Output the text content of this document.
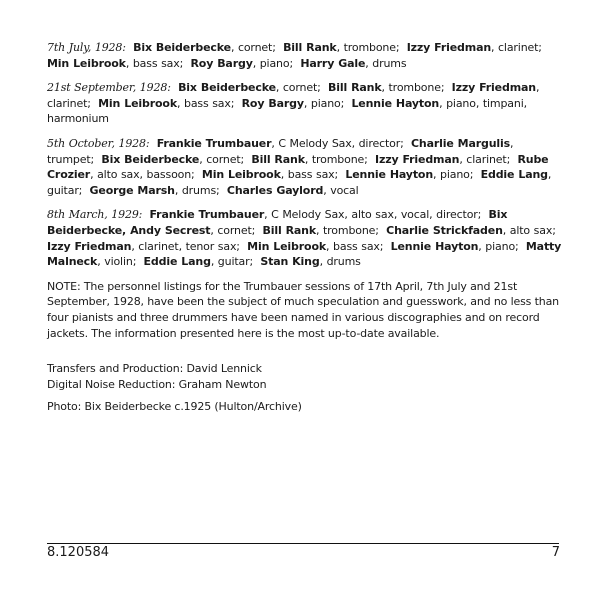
7th July, 1928: Bix Beiderbecke, cornet; Bill Rank, trombone; Izzy Friedman, clarinet;  Min Leibrook, bass sax; Roy Bargy, piano; Harry Gale, drums

21st September, 1928: Bix Beiderbecke, cornet; Bill Rank, trombone; Izzy Friedman, clarinet; Min Leibrook, bass sax; Roy Bargy, piano; Lennie Hayton, piano, timpani, harmonium

5th October, 1928: Frankie Trumbauer, C Melody Sax, director; Charlie Margulis, trumpet; Bix Beiderbecke, cornet; Bill Rank, trombone; Izzy Friedman, clarinet; Rube Crozier, alto sax, bassoon; Min Leibrook, bass sax; Lennie Hayton, piano; Eddie Lang, guitar; George Marsh, drums; Charles Gaylord, vocal

8th March, 1929: Frankie Trumbauer, C Melody Sax, alto sax, vocal, director; Bix Beiderbecke, Andy Secrest, cornet; Bill Rank, trombone; Charlie Strickfaden, alto sax;  Izzy Friedman, clarinet, tenor sax; Min Leibrook, bass sax; Lennie Hayton, piano; Matty Malneck, violin; Eddie Lang, guitar; Stan King, drums

NOTE: The personnel listings for the Trumbauer sessions of 17th April, 7th July and 21st September, 1928, have been the subject of much speculation and guesswork, and no less than four pianists and three drummers have been named in various discographies and on record jackets. The information presented here is the most up-to-date available.

Transfers and Production: David Lennick
Digital Noise Reduction: Graham Newton
Photo: Bix Beiderbecke c.1925 (Hulton/Archive)
8.120584	7
